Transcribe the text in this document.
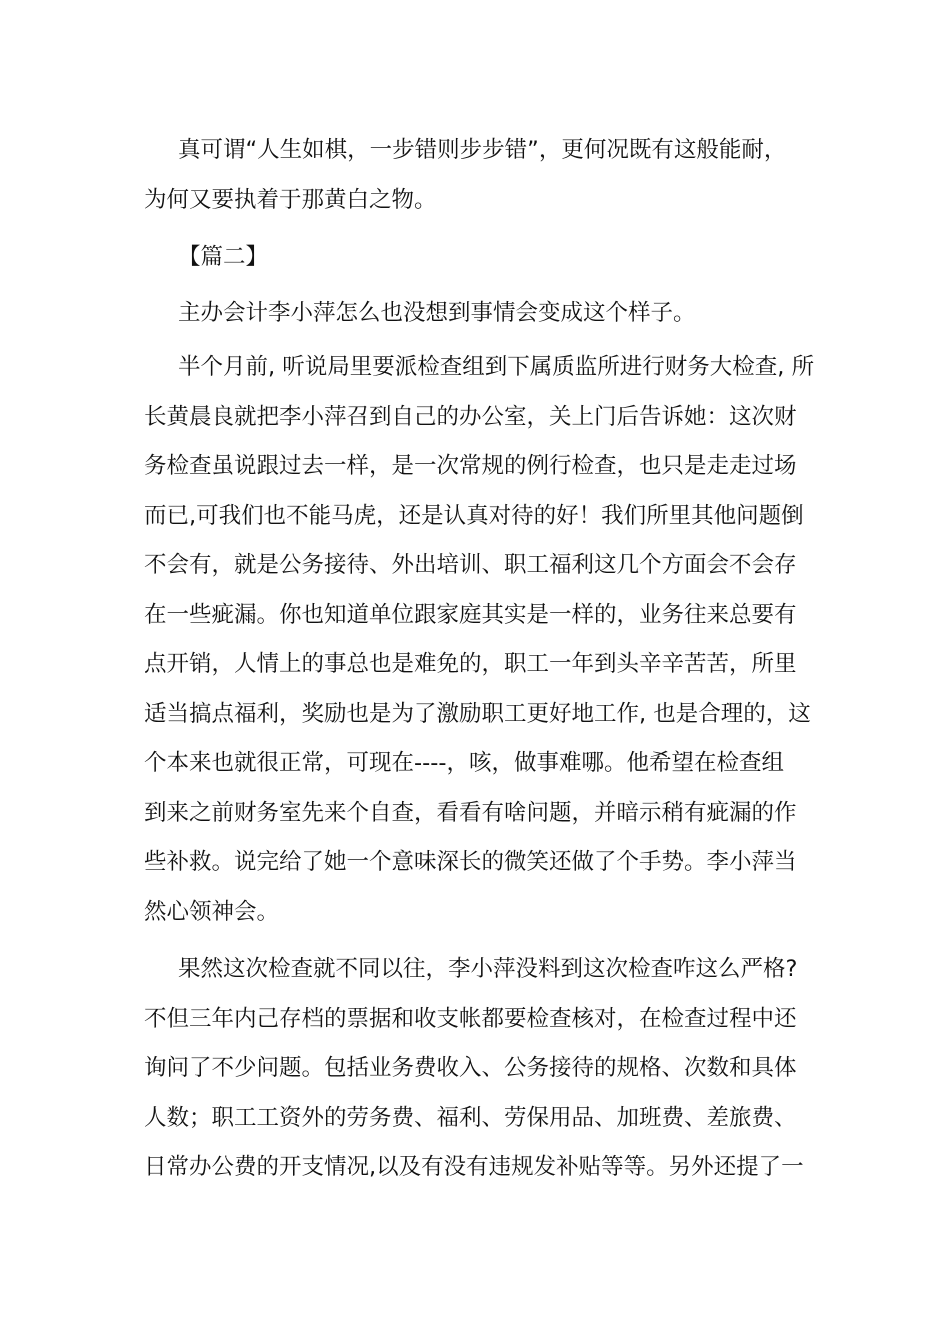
真可谓“人生如棋，一步错则步步错”，更何况既有这般能耐，
为何又要执着于那黄白之物。
【篇二】
主办会计李小萍怎么也没想到事情会变成这个样子。
半个月前, 听说局里要派检查组到下属质监所进行财务大检查, 所
长黄晨良就把李小萍召到自己的办公室，关上门后告诉她：这次财
务检查虽说跟过去一样，是一次常规的例行检查，也只是走走过场
而已,可我们也不能马虎，还是认真对待的好！我们所里其他问题倒
不会有，就是公务接待、外出培训、职工福利这几个方面会不会存
在一些疵漏。你也知道单位跟家庭其实是一样的，业务往来总要有
点开销，人情上的事总也是难免的，职工一年到头辛辛苦苦，所里
适当搞点福利，奖励也是为了激励职工更好地工作, 也是合理的，这
个本来也就很正常，可现在----，咳，做事难哪。他希望在检查组
到来之前财务室先来个自查，看看有啥问题，并暗示稍有疵漏的作
些补救。说完给了她一个意味深长的微笑还做了个手势。李小萍当
然心领神会。
果然这次检查就不同以往，李小萍没料到这次检查咋这么严格?
不但三年内己存档的票据和收支帐都要检查核对，在检查过程中还
询问了不少问题。包括业务费收入、公务接待的规格、次数和具体
人数；职工工资外的劳务费、福利、劳保用品、加班费、差旅费、
日常办公费的开支情况,以及有没有违规发补贴等等。另外还提了一
